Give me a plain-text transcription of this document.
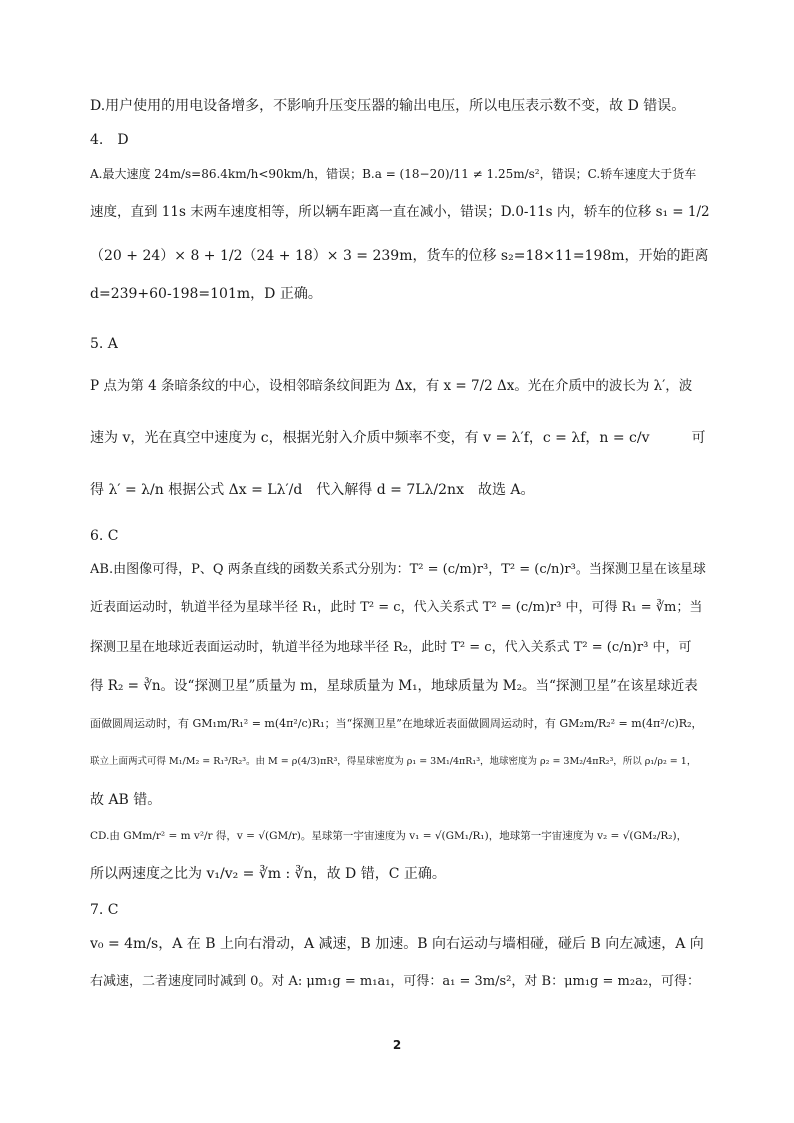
D.用户使用的用电设备增多，不影响升压变压器的输出电压，所以电压表示数不变，故 D 错误。
4.　D
A.最大速度 24m/s=86.4km/h<90km/h，错误；B.a = (18−20)/11 ≠ 1.25m/s²，错误；C.轿车速度大于货车
速度，直到 11s 末两车速度相等，所以辆车距离一直在减小，错误；D.0-11s 内，轿车的位移 s₁ = 1/2
（20 + 24）× 8 + 1/2（24 + 18）× 3 = 239m，货车的位移 s₂=18×11=198m，开始的距离
d=239+60-198=101m，D 正确。
5. A
P 点为第 4 条暗条纹的中心，设相邻暗条纹间距为 Δx，有 x = 7/2 Δx。光在介质中的波长为 λ′，波
速为 v，光在真空中速度为 c，根据光射入介质中频率不变，有 v = λ′f，c = λf，n = c/v　　　可
得 λ′ = λ/n 根据公式 Δx = Lλ′/d　代入解得 d = 7Lλ/2nx　故选 A。
6. C
AB.由图像可得，P、Q 两条直线的函数关系式分别为：T² = (c/m)r³，T² = (c/n)r³。当探测卫星在该星球
近表面运动时，轨道半径为星球半径 R₁，此时 T² = c，代入关系式 T² = (c/m)r³ 中，可得 R₁ = ∛m；当
探测卫星在地球近表面运动时，轨道半径为地球半径 R₂，此时 T² = c，代入关系式 T² = (c/n)r³ 中，可
得 R₂ = ∛n。设“探测卫星”质量为 m，星球质量为 M₁，地球质量为 M₂。当“探测卫星”在该星球近表
面做圆周运动时，有 GM₁m/R₁² = m(4π²/c)R₁；当“探测卫星”在地球近表面做圆周运动时，有 GM₂m/R₂² = m(4π²/c)R₂，
联立上面两式可得 M₁/M₂ = R₁³/R₂³。由 M = ρ(4/3)πR³，得星球密度为 ρ₁ = 3M₁/4πR₁³，地球密度为 ρ₂ = 3M₂/4πR₂³，所以 ρ₁/ρ₂ = 1，
故 AB 错。
CD.由 GMm/r² = m v²/r 得，v = √(GM/r)。星球第一宇宙速度为 v₁ = √(GM₁/R₁)，地球第一宇宙速度为 v₂ = √(GM₂/R₂)，
所以两速度之比为 v₁/v₂ = ∛m : ∛n，故 D 错，C 正确。
7. C
v₀ = 4m/s，A 在 B 上向右滑动，A 减速，B 加速。B 向右运动与墙相碰，碰后 B 向左减速，A 向
右减速，二者速度同时减到 0。对 A: μm₁g = m₁a₁，可得：a₁ = 3m/s²，对 B：μm₁g = m₂a₂，可得：
2
